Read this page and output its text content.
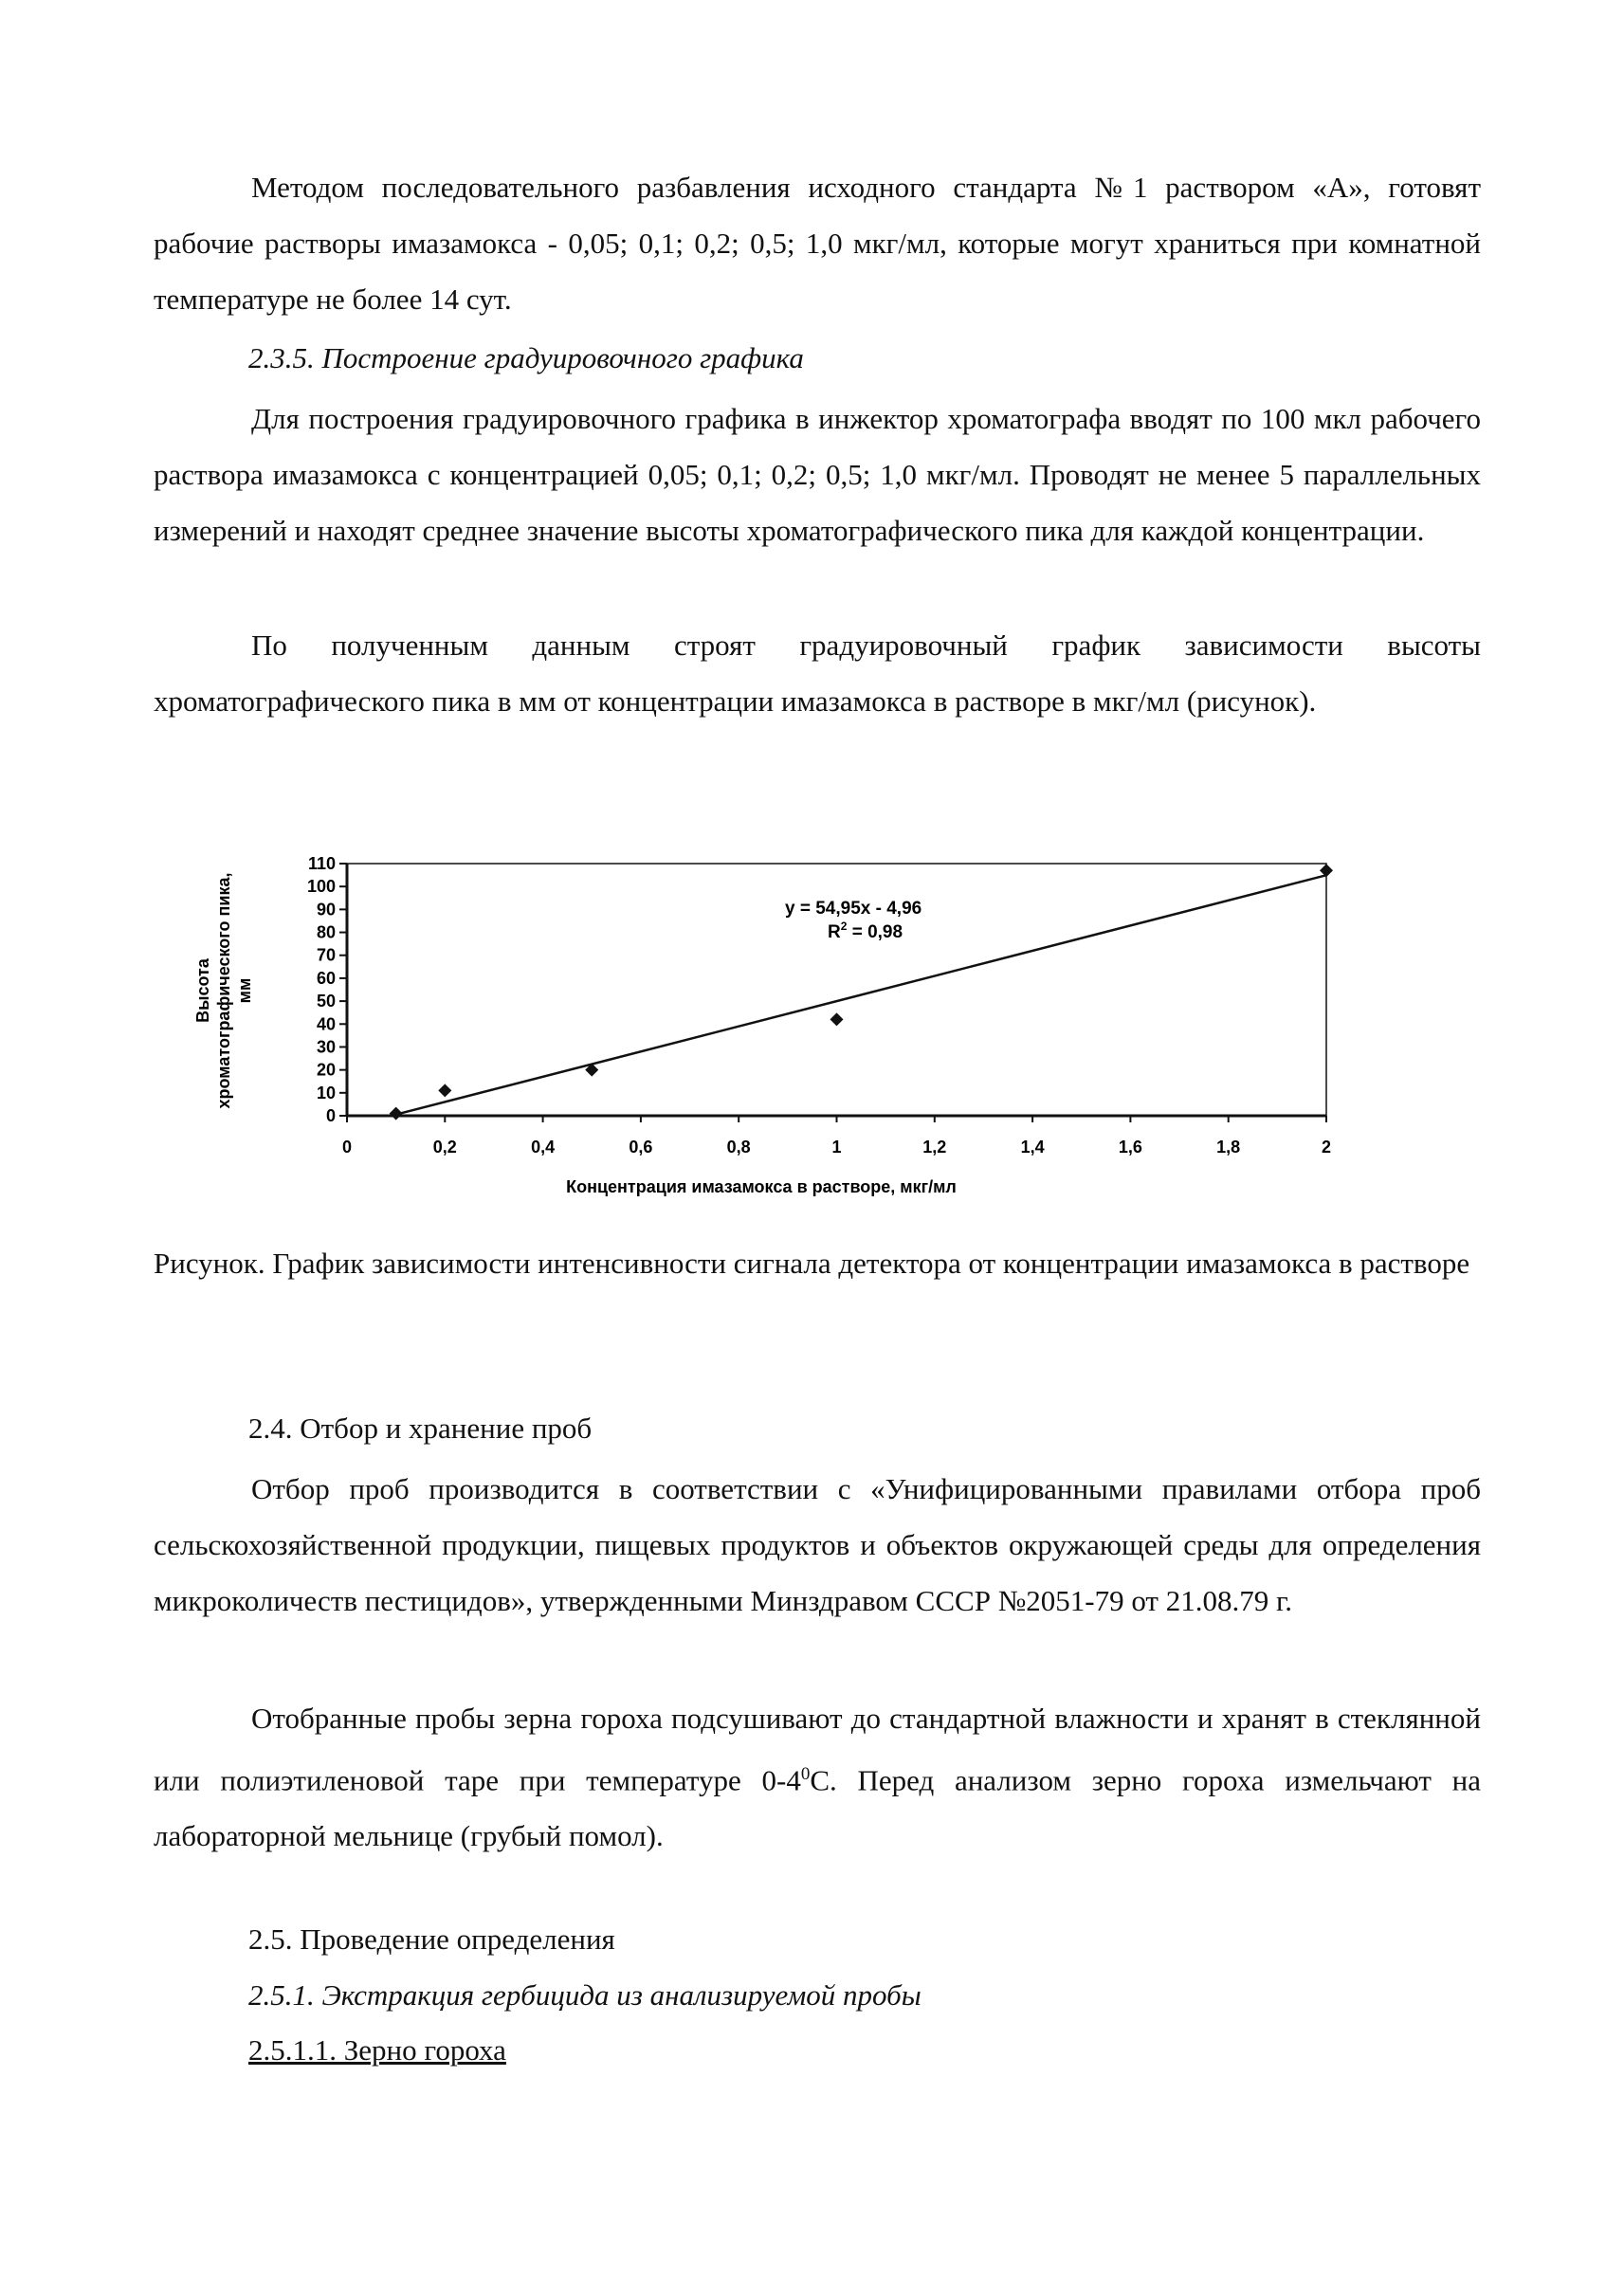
Методом последовательного разбавления исходного стандарта №1 раствором «А», готовят рабочие растворы имазамокса - 0,05; 0,1; 0,2; 0,5; 1,0 мкг/мл, которые могут храниться при комнатной температуре не более 14 сут.

2.3.5. Построение градуировочного графика

Для построения градуировочного графика в инжектор хроматографа вводят по 100 мкл рабочего раствора имазамокса с концентрацией 0,05; 0,1; 0,2; 0,5; 1,0 мкг/мл. Проводят не менее 5 параллельных измерений и находят среднее значение высоты хроматографического пика для каждой концентрации.

По полученным данным строят градуировочный график зависимости высоты хроматографического пика в мм от концентрации имазамокса в растворе в мкг/мл (рисунок).

0
10
20
30
40
50
60
70
80
90
100
110
0	0,2	0,4	0,6	0,8	1	1,2	1,4	1,6	1,8	2
y = 54,95x - 4,96
$R^2 = 0,98$
Концентрация имазамокса в растворе, мкг/мл
Высота хроматографического пика, мм

Рисунок. График зависимости интенсивности сигнала детектора от концентрации имазамокса в растворе

2.4. Отбор и хранение проб

Отбор проб производится в соответствии с «Унифицированными правилами отбора проб сельскохозяйственной продукции, пищевых продуктов и объектов окружающей среды для определения микроколичеств пестицидов», утвержденными Минздравом СССР №2051-79 от 21.08.79 г.

Отобранные пробы зерна гороха подсушивают до стандартной влажности и хранят в стеклянной или полиэтиленовой таре при температуре $0-4^0С$. Перед анализом зерно гороха измельчают на лабораторной мельнице (грубый помол).

2.5. Проведение определения

2.5.1. Экстракция гербицида из анализируемой пробы

2.5.1.1. Зерно гороха
